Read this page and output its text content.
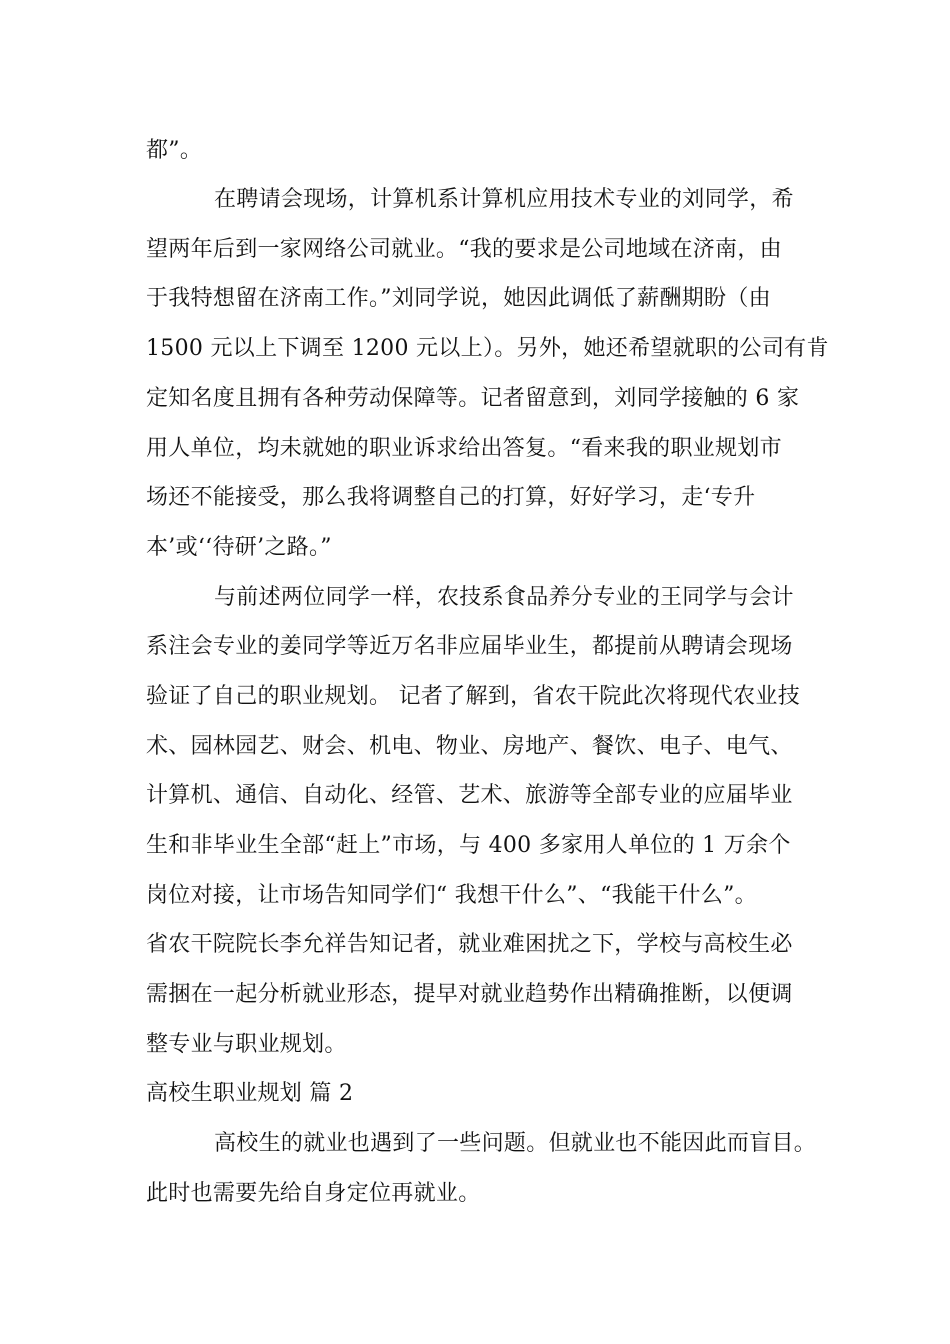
都”。
在聘请会现场，计算机系计算机应用技术专业的刘同学，希
望两年后到一家网络公司就业。“我的要求是公司地域在济南，由
于我特想留在济南工作。”刘同学说，她因此调低了薪酬期盼（由
1500 元以上下调至 1200 元以上）。另外，她还希望就职的公司有肯
定知名度且拥有各种劳动保障等。记者留意到，刘同学接触的 6 家
用人单位，均未就她的职业诉求给出答复。“看来我的职业规划市
场还不能接受，那么我将调整自己的打算，好好学习，走‘专升
本’或‘‘待研’之路。”
与前述两位同学一样，农技系食品养分专业的王同学与会计
系注会专业的姜同学等近万名非应届毕业生，都提前从聘请会现场
验证了自己的职业规划。 记者了解到，省农干院此次将现代农业技
术、园林园艺、财会、机电、物业、房地产、餐饮、电子、电气、
计算机、通信、自动化、经管、艺术、旅游等全部专业的应届毕业
生和非毕业生全部“赶上”市场，与 400 多家用人单位的 1 万余个
岗位对接，让市场告知同学们“ 我想干什么”、“我能干什么”。
省农干院院长李允祥告知记者，就业难困扰之下，学校与高校生必
需捆在一起分析就业形态，提早对就业趋势作出精确推断，以便调
整专业与职业规划。
高校生职业规划 篇 2
高校生的就业也遇到了一些问题。但就业也不能因此而盲目。
此时也需要先给自身定位再就业。
